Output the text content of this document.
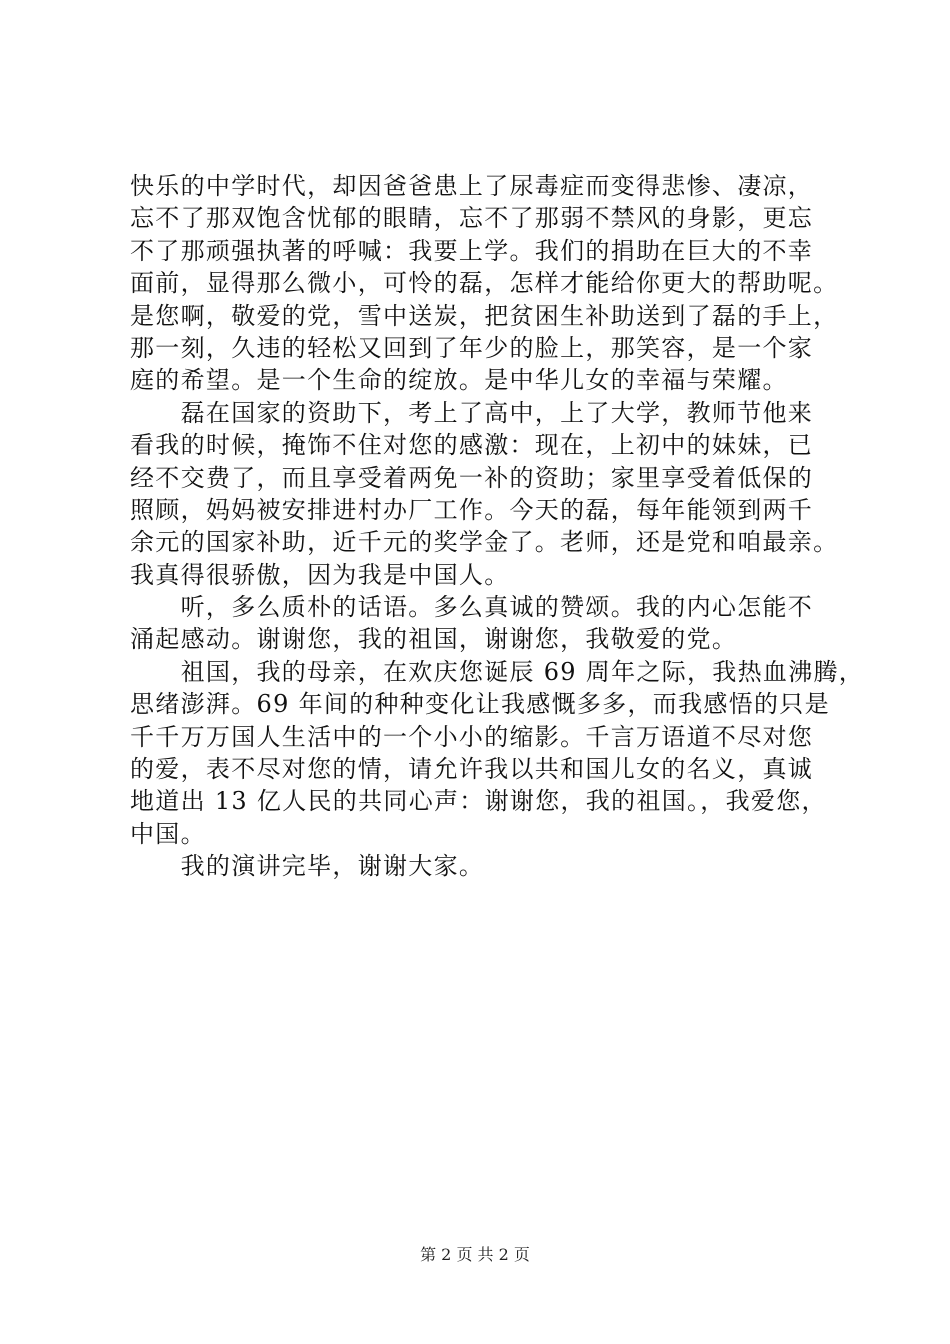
快乐的中学时代，却因爸爸患上了尿毒症而变得悲惨、凄凉，
忘不了那双饱含忧郁的眼睛，忘不了那弱不禁风的身影，更忘
不了那顽强执著的呼喊：我要上学。我们的捐助在巨大的不幸
面前，显得那么微小，可怜的磊，怎样才能给你更大的帮助呢。
是您啊，敬爱的党，雪中送炭，把贫困生补助送到了磊的手上，
那一刻，久违的轻松又回到了年少的脸上，那笑容，是一个家
庭的希望。是一个生命的绽放。是中华儿女的幸福与荣耀。
　　磊在国家的资助下，考上了高中，上了大学，教师节他来
看我的时候，掩饰不住对您的感激：现在，上初中的妹妹，已
经不交费了，而且享受着两免一补的资助；家里享受着低保的
照顾，妈妈被安排进村办厂工作。今天的磊，每年能领到两千
余元的国家补助，近千元的奖学金了。老师，还是党和咱最亲。
我真得很骄傲，因为我是中国人。
　　听，多么质朴的话语。多么真诚的赞颂。我的内心怎能不
涌起感动。谢谢您，我的祖国，谢谢您，我敬爱的党。
　　祖国，我的母亲，在欢庆您诞辰 69 周年之际，我热血沸腾，
思绪澎湃。69 年间的种种变化让我感慨多多，而我感悟的只是
千千万万国人生活中的一个小小的缩影。千言万语道不尽对您
的爱，表不尽对您的情，请允许我以共和国儿女的名义，真诚
地道出 13 亿人民的共同心声：谢谢您，我的祖国。，我爱您，
中国。
　　我的演讲完毕，谢谢大家。
第 2 页 共 2 页
